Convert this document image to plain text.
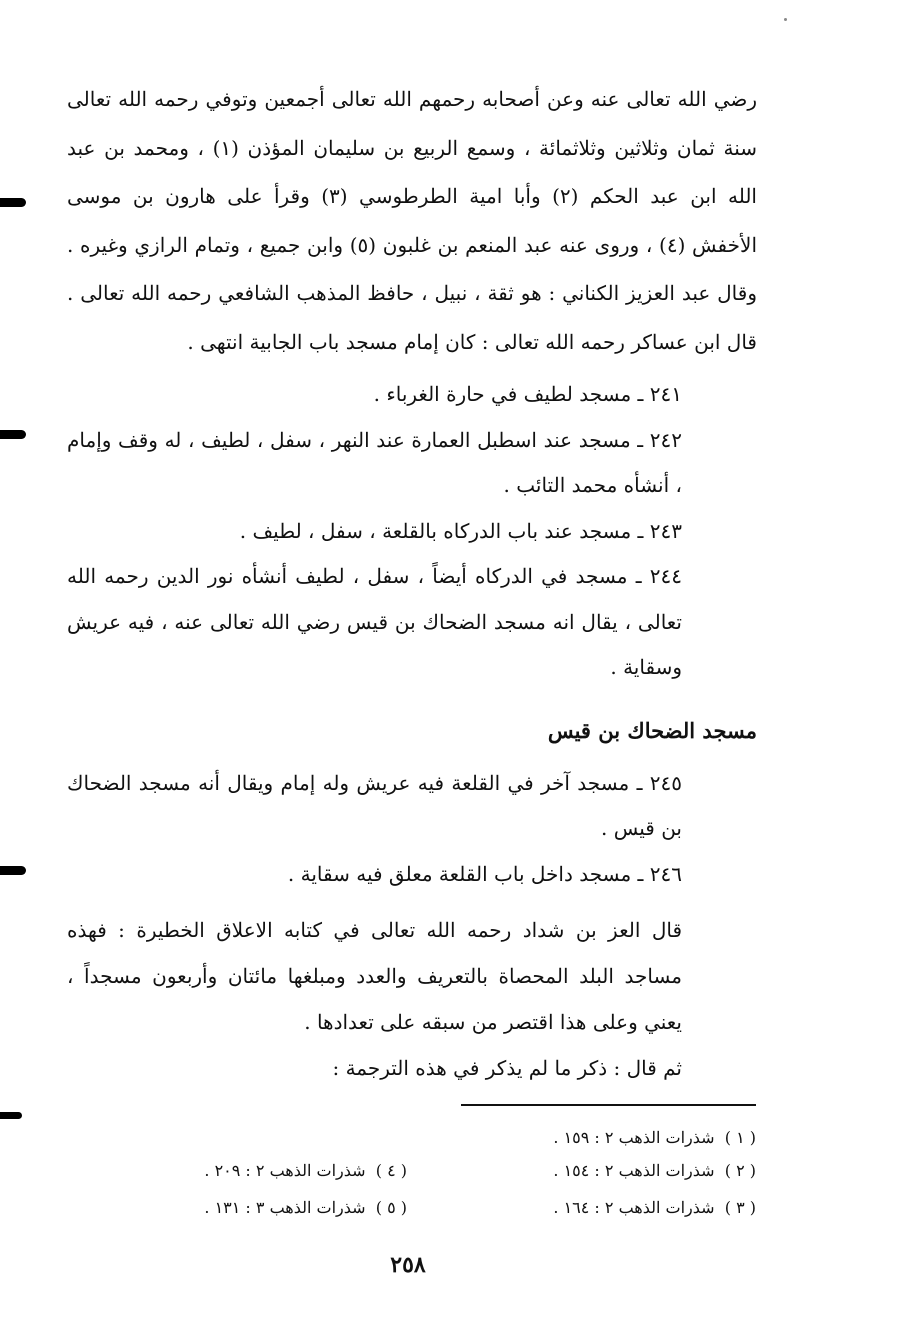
رضي الله تعالى عنه وعن أصحابه رحمهم الله تعالى أجمعين وتوفي رحمه الله تعالى سنة ثمان وثلاثين وثلاثمائة ، وسمع الربيع بن سليمان المؤذن (١) ، ومحمد بن عبد الله ابن عبد الحكم (٢) وأبا امية الطرطوسي (٣) وقرأ على هارون بن موسى الأخفش (٤) ، وروى عنه عبد المنعم بن غلبون (٥) وابن جميع ، وتمام الرازي وغيره . وقال عبد العزيز الكناني : هو ثقة ، نبيل ، حافظ المذهب الشافعي رحمه الله تعالى . قال ابن عساكر رحمه الله تعالى : كان إمام مسجد باب الجابية انتهى .

٢٤١ ـ مسجد لطيف في حارة الغرباء .

٢٤٢ ـ مسجد عند اسطبل العمارة عند النهر ، سفل ، لطيف ، له وقف وإمام ، أنشأه محمد التائب .

٢٤٣ ـ مسجد عند باب الدركاه بالقلعة ، سفل ، لطيف .

٢٤٤ ـ مسجد في الدركاه أيضاً ، سفل ، لطيف أنشأه نور الدين رحمه الله تعالى ، يقال انه مسجد الضحاك بن قيس رضي الله تعالى عنه ، فيه عريش وسقاية .

مسجد الضحاك بن قيس

٢٤٥ ـ مسجد آخر في القلعة فيه عريش وله إمام ويقال أنه مسجد الضحاك بن قيس .

٢٤٦ ـ مسجد داخل باب القلعة معلق فيه سقاية .

قال العز بن شداد رحمه الله تعالى في كتابه الاعلاق الخطيرة : فهذه مساجد البلد المحصاة بالتعريف والعدد ومبلغها مائتان وأربعون مسجداً ، يعني وعلى هذا اقتصر من سبقه على تعدادها .

ثم قال : ذكر ما لم يذكر في هذه الترجمة :

( ١ )  شذرات الذهب ٢ : ١٥٩ .
( ٢ )  شذرات الذهب ٢ : ١٥٤ .
( ٣ )  شذرات الذهب ٢ : ١٦٤ .
( ٤ )  شذرات الذهب ٢ : ٢٠٩ .
( ٥ )  شذرات الذهب ٣ : ١٣١ .
٢٥٨
